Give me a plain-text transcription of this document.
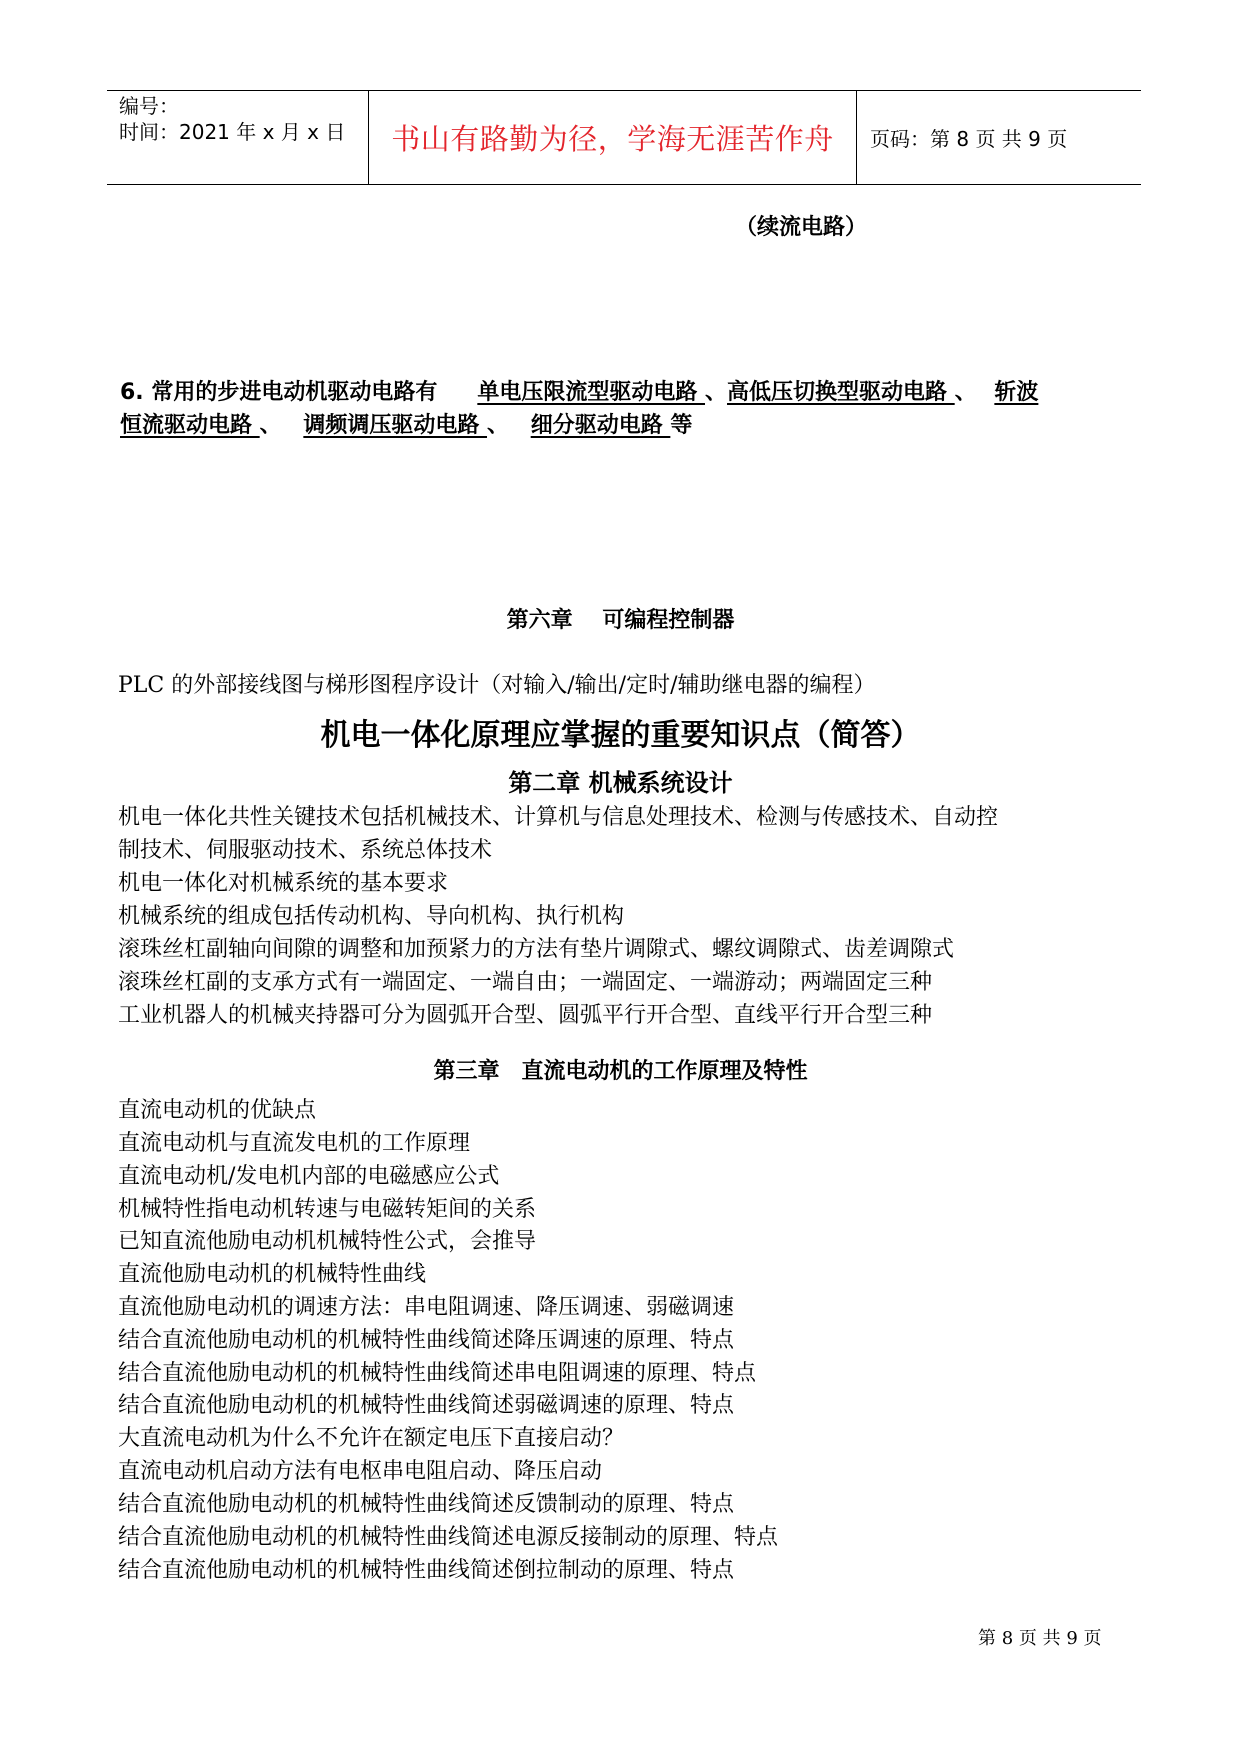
编号：
时间：2021 年 x 月 x 日	书山有路勤为径，学海无涯苦作舟	页码：第 8 页 共 9 页
（续流电路）
6. 常用的步进电动机驱动电路有 单电压限流型驱动电路 、高低压切换型驱动电路 、 斩波
恒流驱动电路 、 调频调压驱动电路 、 细分驱动电路 等
第六章　 可编程控制器
PLC 的外部接线图与梯形图程序设计（对输入/输出/定时/辅助继电器的编程）
机电一体化原理应掌握的重要知识点（简答）
第二章 机械系统设计
机电一体化共性关键技术包括机械技术、计算机与信息处理技术、检测与传感技术、自动控
制技术、伺服驱动技术、系统总体技术
机电一体化对机械系统的基本要求
机械系统的组成包括传动机构、导向机构、执行机构
滚珠丝杠副轴向间隙的调整和加预紧力的方法有垫片调隙式、螺纹调隙式、齿差调隙式
滚珠丝杠副的支承方式有一端固定、一端自由；一端固定、一端游动；两端固定三种
工业机器人的机械夹持器可分为圆弧开合型、圆弧平行开合型、直线平行开合型三种
第三章　直流电动机的工作原理及特性
直流电动机的优缺点
直流电动机与直流发电机的工作原理
直流电动机/发电机内部的电磁感应公式
机械特性指电动机转速与电磁转矩间的关系
已知直流他励电动机机械特性公式，会推导
直流他励电动机的机械特性曲线
直流他励电动机的调速方法：串电阻调速、降压调速、弱磁调速
结合直流他励电动机的机械特性曲线简述降压调速的原理、特点
结合直流他励电动机的机械特性曲线简述串电阻调速的原理、特点
结合直流他励电动机的机械特性曲线简述弱磁调速的原理、特点
大直流电动机为什么不允许在额定电压下直接启动？
直流电动机启动方法有电枢串电阻启动、降压启动
结合直流他励电动机的机械特性曲线简述反馈制动的原理、特点
结合直流他励电动机的机械特性曲线简述电源反接制动的原理、特点
结合直流他励电动机的机械特性曲线简述倒拉制动的原理、特点
第 8 页 共 9 页
